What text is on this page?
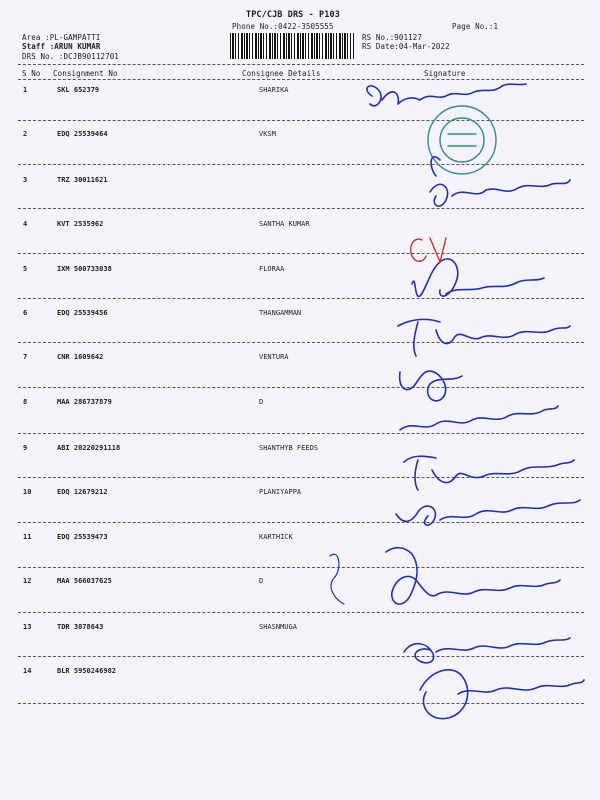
TPC/CJB DRS - P103
Phone No.:0422-3505555	Page No.:1
Area :PL-GAMPATTI
Staff :ARUN KUMAR
DRS No. :DCJB90112701
RS No.:901127
RS Date:04-Mar-2022
S No Consignment No	Consignee Details	Signature
1	SKL 652379	SHARIKA
2	EDQ 25539464	VKSM
3	TRZ 30011621
4	KVT 2535962	SANTHA KUMAR
5	IXM 500733038	FLORAA
6	EDQ 25539456	THANGAMMAN
7	CNR 1609642	VENTURA
8	MAA 286737879	D
9	ABI 20220291118	SHANTHYB FEEDS
10	EDQ 12679212	PLANIYAPPA
11	EDQ 25539473	KARTHICK
12	MAA 566037625	D
13	TDR 3078643	SHASNMUGA
14	BLR 5950246982
